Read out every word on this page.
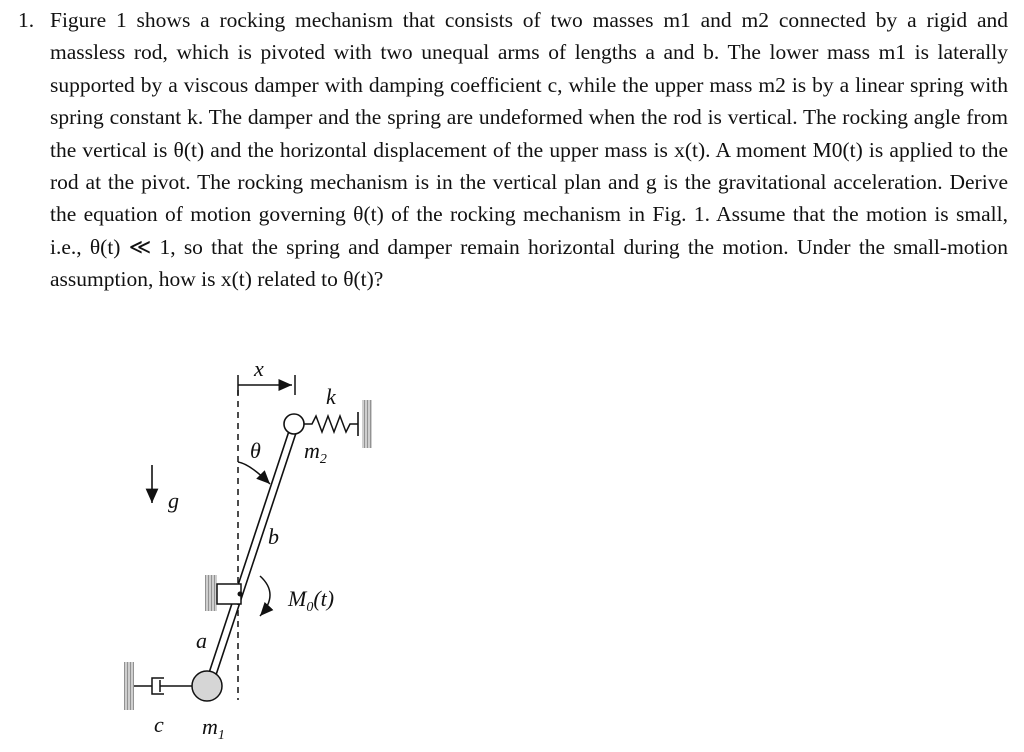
1. Figure 1 shows a rocking mechanism that consists of two masses m1 and m2 connected by a rigid and massless rod, which is pivoted with two unequal arms of lengths a and b. The lower mass m1 is laterally supported by a viscous damper with damping coefficient c, while the upper mass m2 is by a linear spring with spring constant k. The damper and the spring are undeformed when the rod is vertical. The rocking angle from the vertical is θ(t) and the horizontal displacement of the upper mass is x(t). A moment M0(t) is applied to the rod at the pivot. The rocking mechanism is in the vertical plan and g is the gravitational acceleration. Derive the equation of motion governing θ(t) of the rocking mechanism in Fig. 1. Assume that the motion is small, i.e., θ(t) ≪ 1, so that the spring and damper remain horizontal during the motion. Under the small-motion assumption, how is x(t) related to θ(t)?
x
k
$m_2$
θ
g
b
$M_0(t)$
a
c $m_1$
